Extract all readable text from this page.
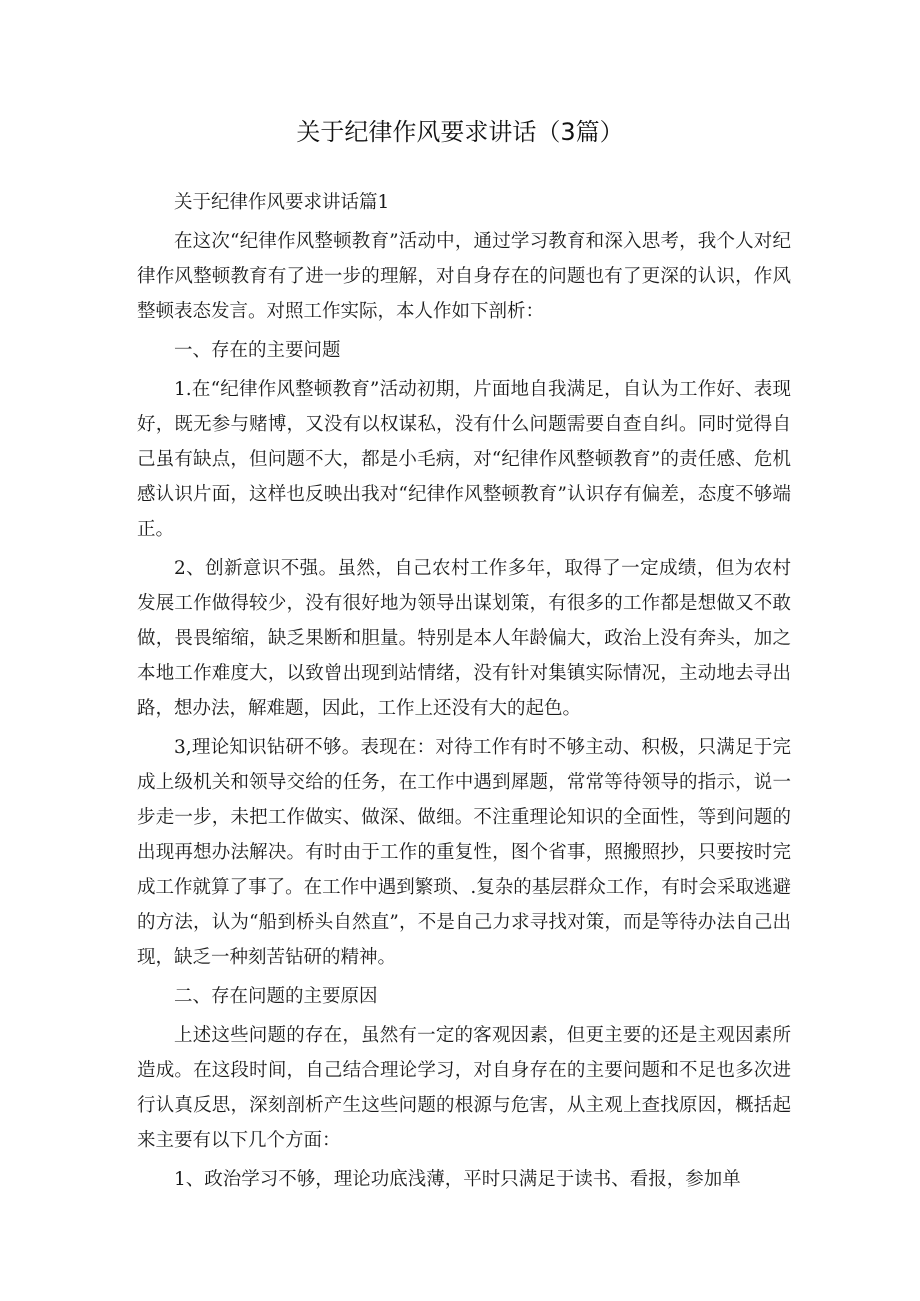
关于纪律作风要求讲话（3篇）

关于纪律作风要求讲话篇1

在这次“纪律作风整顿教育”活动中，通过学习教育和深入思考，我个人对纪律作风整顿教育有了进一步的理解，对自身存在的问题也有了更深的认识，作风整顿表态发言。对照工作实际，本人作如下剖析：

一、存在的主要问题

1.在“纪律作风整顿教育”活动初期，片面地自我满足，自认为工作好、表现好，既无参与赌博，又没有以权谋私，没有什么问题需要自查自纠。同时觉得自己虽有缺点，但问题不大，都是小毛病，对“纪律作风整顿教育”的责任感、危机感认识片面，这样也反映出我对“纪律作风整顿教育”认识存有偏差，态度不够端正。

2、创新意识不强。虽然，自己农村工作多年，取得了一定成绩，但为农村发展工作做得较少，没有很好地为领导出谋划策，有很多的工作都是想做又不敢做，畏畏缩缩，缺乏果断和胆量。特别是本人年龄偏大，政治上没有奔头，加之本地工作难度大，以致曾出现到站情绪，没有针对集镇实际情况，主动地去寻出路，想办法，解难题，因此，工作上还没有大的起色。

3,理论知识钻研不够。表现在：对待工作有时不够主动、积极，只满足于完成上级机关和领导交给的任务，在工作中遇到犀题，常常等待领导的指示，说一步走一步，未把工作做实、做深、做细。不注重理论知识的全面性，等到问题的出现再想办法解决。有时由于工作的重复性，图个省事，照搬照抄，只要按时完成工作就算了事了。在工作中遇到繁琐、.复杂的基层群众工作，有时会采取逃避的方法，认为“船到桥头自然直”，不是自己力求寻找对策，而是等待办法自己出现，缺乏一种刻苦钻研的精神。

二、存在问题的主要原因

上述这些问题的存在，虽然有一定的客观因素，但更主要的还是主观因素所造成。在这段时间，自己结合理论学习，对自身存在的主要问题和不足也多次进行认真反思，深刻剖析产生这些问题的根源与危害，从主观上查找原因，概括起来主要有以下几个方面：

1、政治学习不够，理论功底浅薄，平时只满足于读书、看报，参加单
